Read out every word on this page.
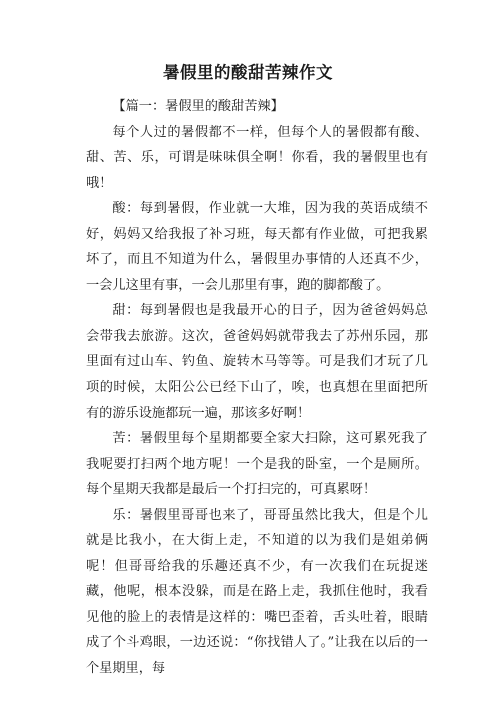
暑假里的酸甜苦辣作文

【篇一：暑假里的酸甜苦辣】

每个人过的暑假都不一样，但每个人的暑假都有酸、甜、苦、乐，可谓是味味俱全啊！你看，我的暑假里也有哦！

酸：每到暑假，作业就一大堆，因为我的英语成绩不好，妈妈又给我报了补习班，每天都有作业做，可把我累坏了，而且不知道为什么，暑假里办事情的人还真不少，一会儿这里有事，一会儿那里有事，跑的脚都酸了。

甜：每到暑假也是我最开心的日子，因为爸爸妈妈总会带我去旅游。这次，爸爸妈妈就带我去了苏州乐园，那里面有过山车、钓鱼、旋转木马等等。可是我们才玩了几项的时候，太阳公公已经下山了，唉，也真想在里面把所有的游乐设施都玩一遍，那该多好啊！

苦：暑假里每个星期都要全家大扫除，这可累死我了我呢要打扫两个地方呢！一个是我的卧室，一个是厕所。每个星期天我都是最后一个打扫完的，可真累呀！

乐：暑假里哥哥也来了，哥哥虽然比我大，但是个儿就是比我小，在大街上走，不知道的以为我们是姐弟俩呢！但哥哥给我的乐趣还真不少，有一次我们在玩捉迷藏，他呢，根本没躲，而是在路上走，我抓住他时，我看见他的脸上的表情是这样的：嘴巴歪着，舌头吐着，眼睛成了个斗鸡眼，一边还说：“你找错人了。”让我在以后的一个星期里，每
